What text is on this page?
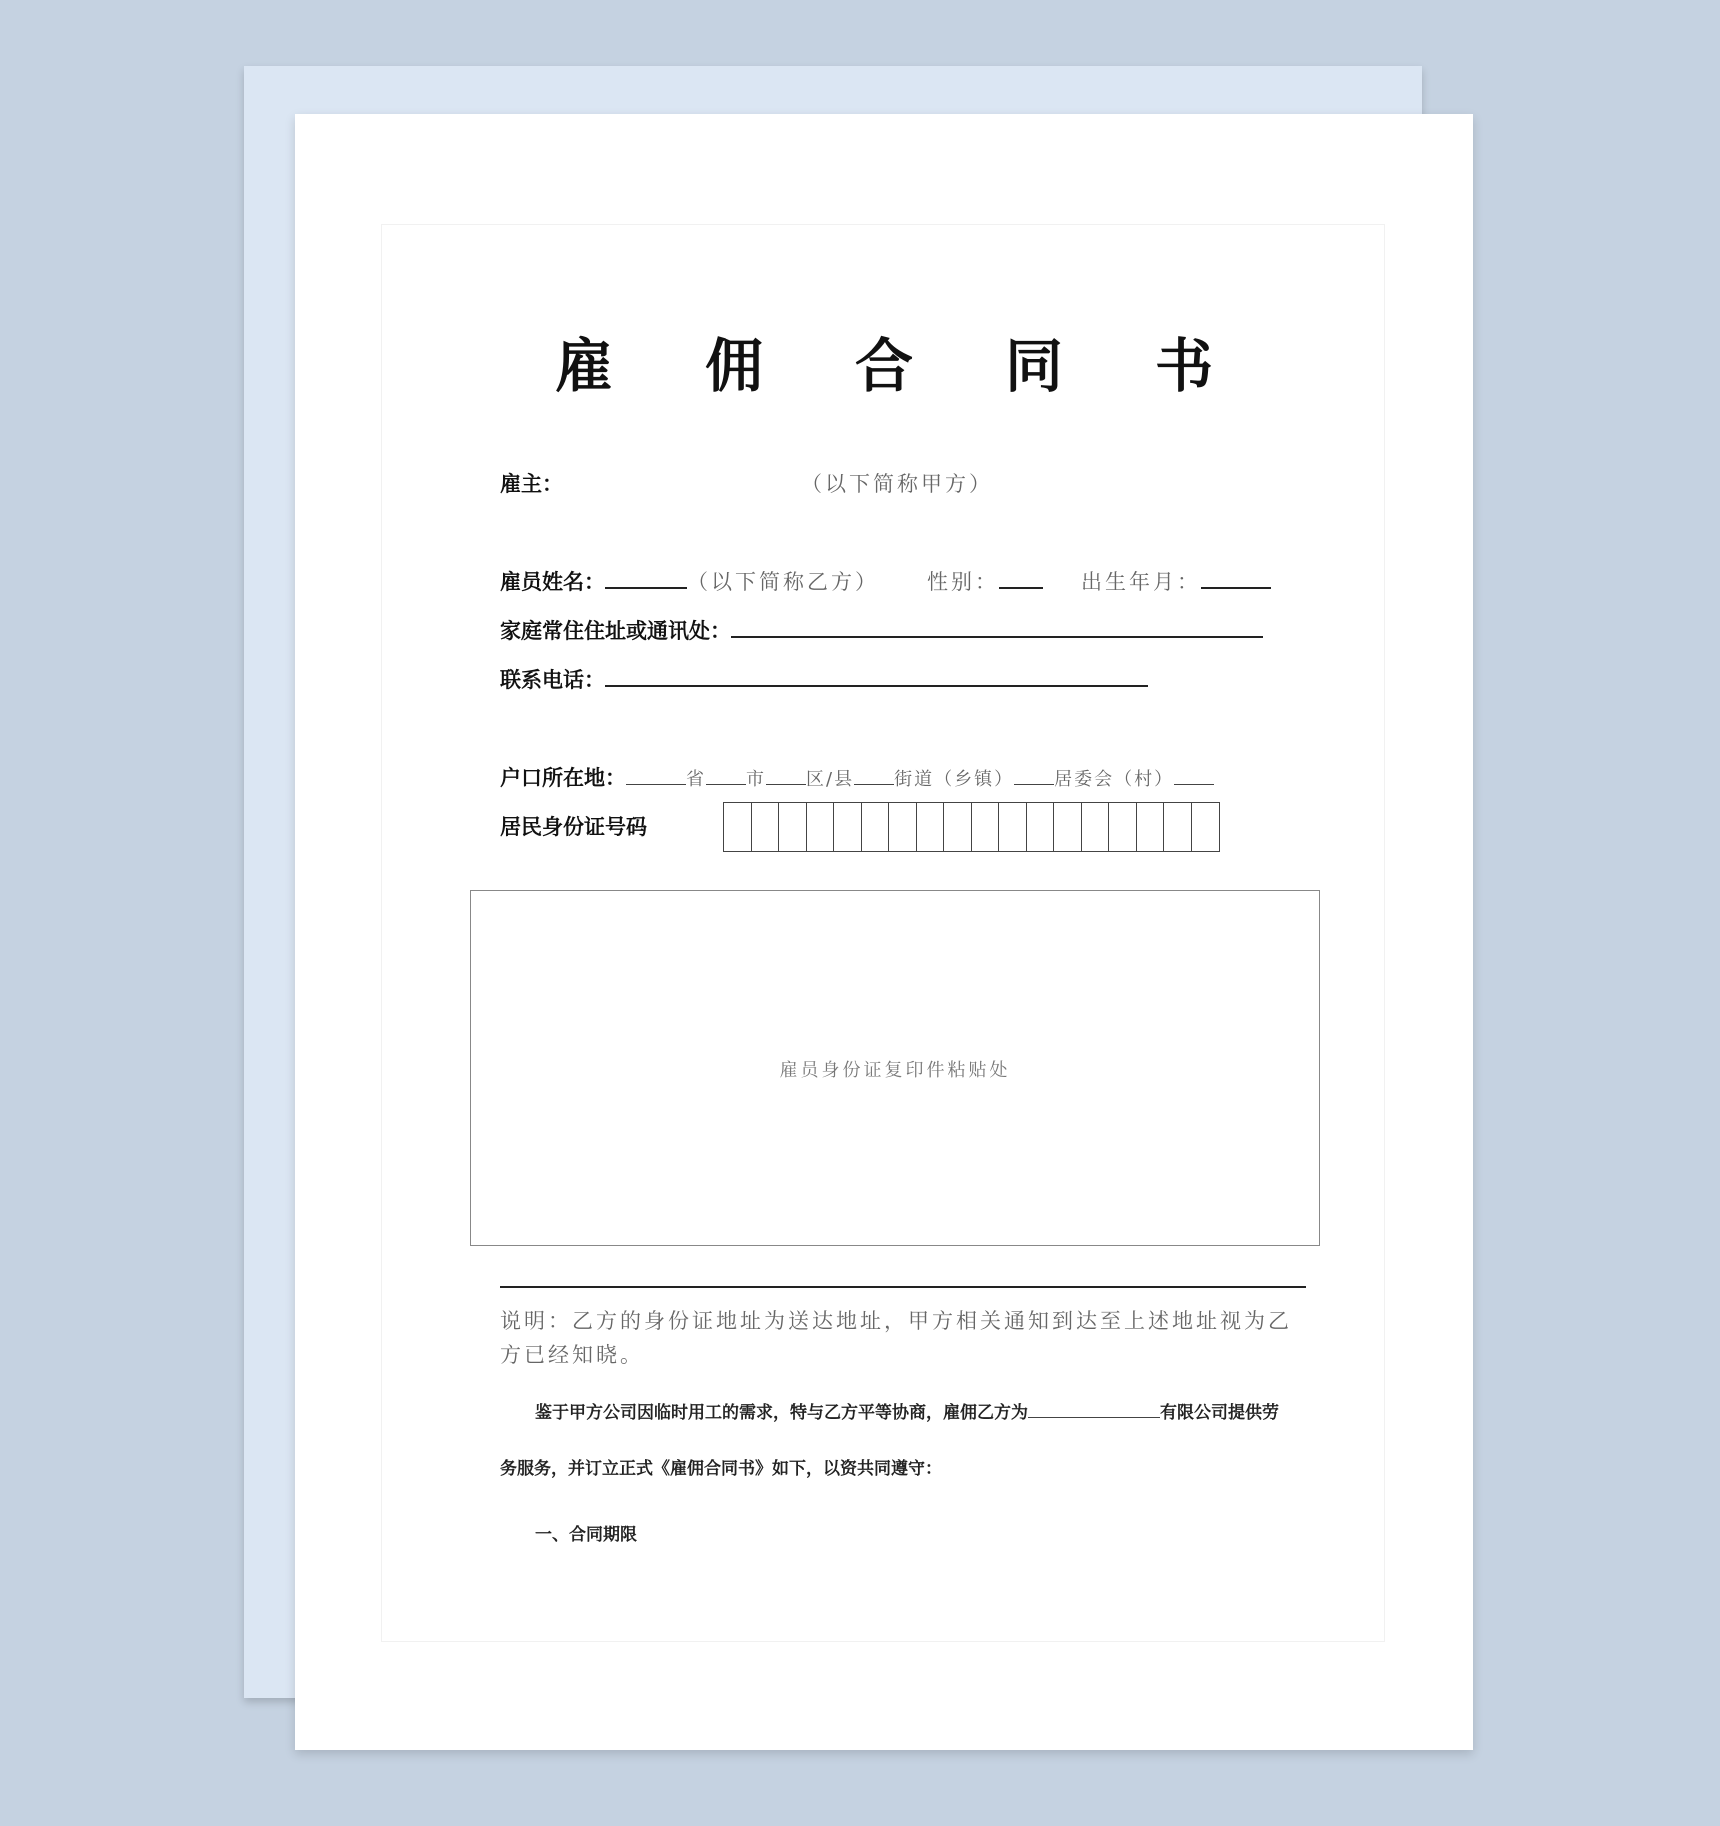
雇佣合同书
雇主：	（以下简称甲方）
雇员姓名：	（以下简称乙方） 性别：	出生年月：
家庭常住住址或通讯处：
联系电话：
户口所在地：	省 市 区/县 街道（乡镇） 居委会（村）
居民身份证号码
雇员身份证复印件粘贴处
说明：乙方的身份证地址为送达地址，甲方相关通知到达至上述地址视为乙方已经知晓。
鉴于甲方公司因临时用工的需求，特与乙方平等协商，雇佣乙方为	有限公司提供劳
务服务，并订立正式《雇佣合同书》如下，以资共同遵守：
一、合同期限
